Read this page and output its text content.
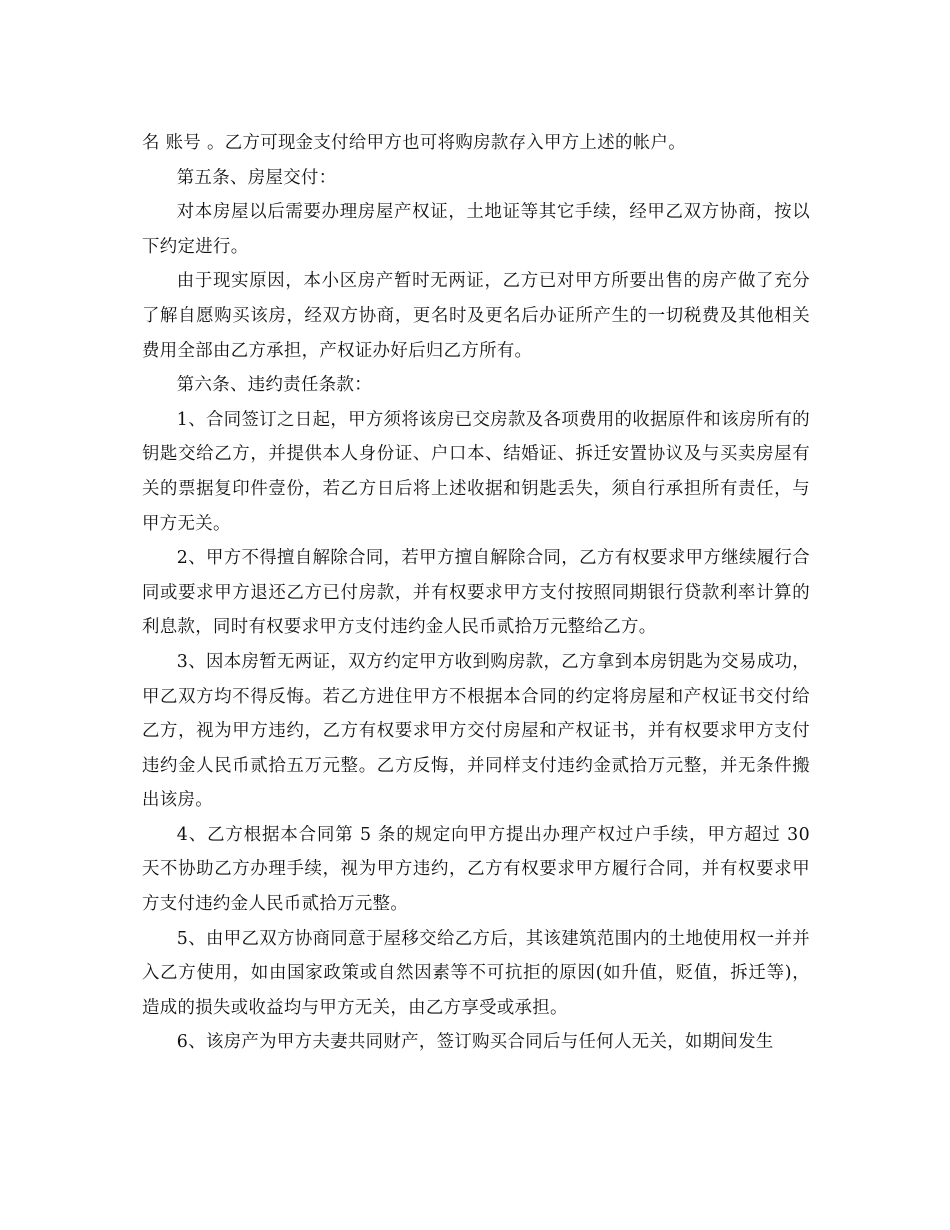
名 账号 。乙方可现金支付给甲方也可将购房款存入甲方上述的帐户。

第五条、房屋交付：

对本房屋以后需要办理房屋产权证，土地证等其它手续，经甲乙双方协商，按以下约定进行。

由于现实原因，本小区房产暂时无两证，乙方已对甲方所要出售的房产做了充分了解自愿购买该房，经双方协商，更名时及更名后办证所产生的一切税费及其他相关费用全部由乙方承担，产权证办好后归乙方所有。

第六条、违约责任条款：

1、合同签订之日起，甲方须将该房已交房款及各项费用的收据原件和该房所有的钥匙交给乙方，并提供本人身份证、户口本、结婚证、拆迁安置协议及与买卖房屋有关的票据复印件壹份，若乙方日后将上述收据和钥匙丢失，须自行承担所有责任，与甲方无关。

2、甲方不得擅自解除合同，若甲方擅自解除合同，乙方有权要求甲方继续履行合同或要求甲方退还乙方已付房款，并有权要求甲方支付按照同期银行贷款利率计算的利息款，同时有权要求甲方支付违约金人民币贰拾万元整给乙方。

3、因本房暂无两证，双方约定甲方收到购房款，乙方拿到本房钥匙为交易成功，甲乙双方均不得反悔。若乙方进住甲方不根据本合同的约定将房屋和产权证书交付给乙方，视为甲方违约，乙方有权要求甲方交付房屋和产权证书，并有权要求甲方支付违约金人民币贰拾五万元整。乙方反悔，并同样支付违约金贰拾万元整，并无条件搬出该房。

4、乙方根据本合同第 5 条的规定向甲方提出办理产权过户手续，甲方超过 30 天不协助乙方办理手续，视为甲方违约，乙方有权要求甲方履行合同，并有权要求甲方支付违约金人民币贰拾万元整。

5、由甲乙双方协商同意于屋移交给乙方后，其该建筑范围内的土地使用权一并并入乙方使用，如由国家政策或自然因素等不可抗拒的原因(如升值，贬值，拆迁等)，造成的损失或收益均与甲方无关，由乙方享受或承担。

6、该房产为甲方夫妻共同财产，签订购买合同后与任何人无关，如期间发生
